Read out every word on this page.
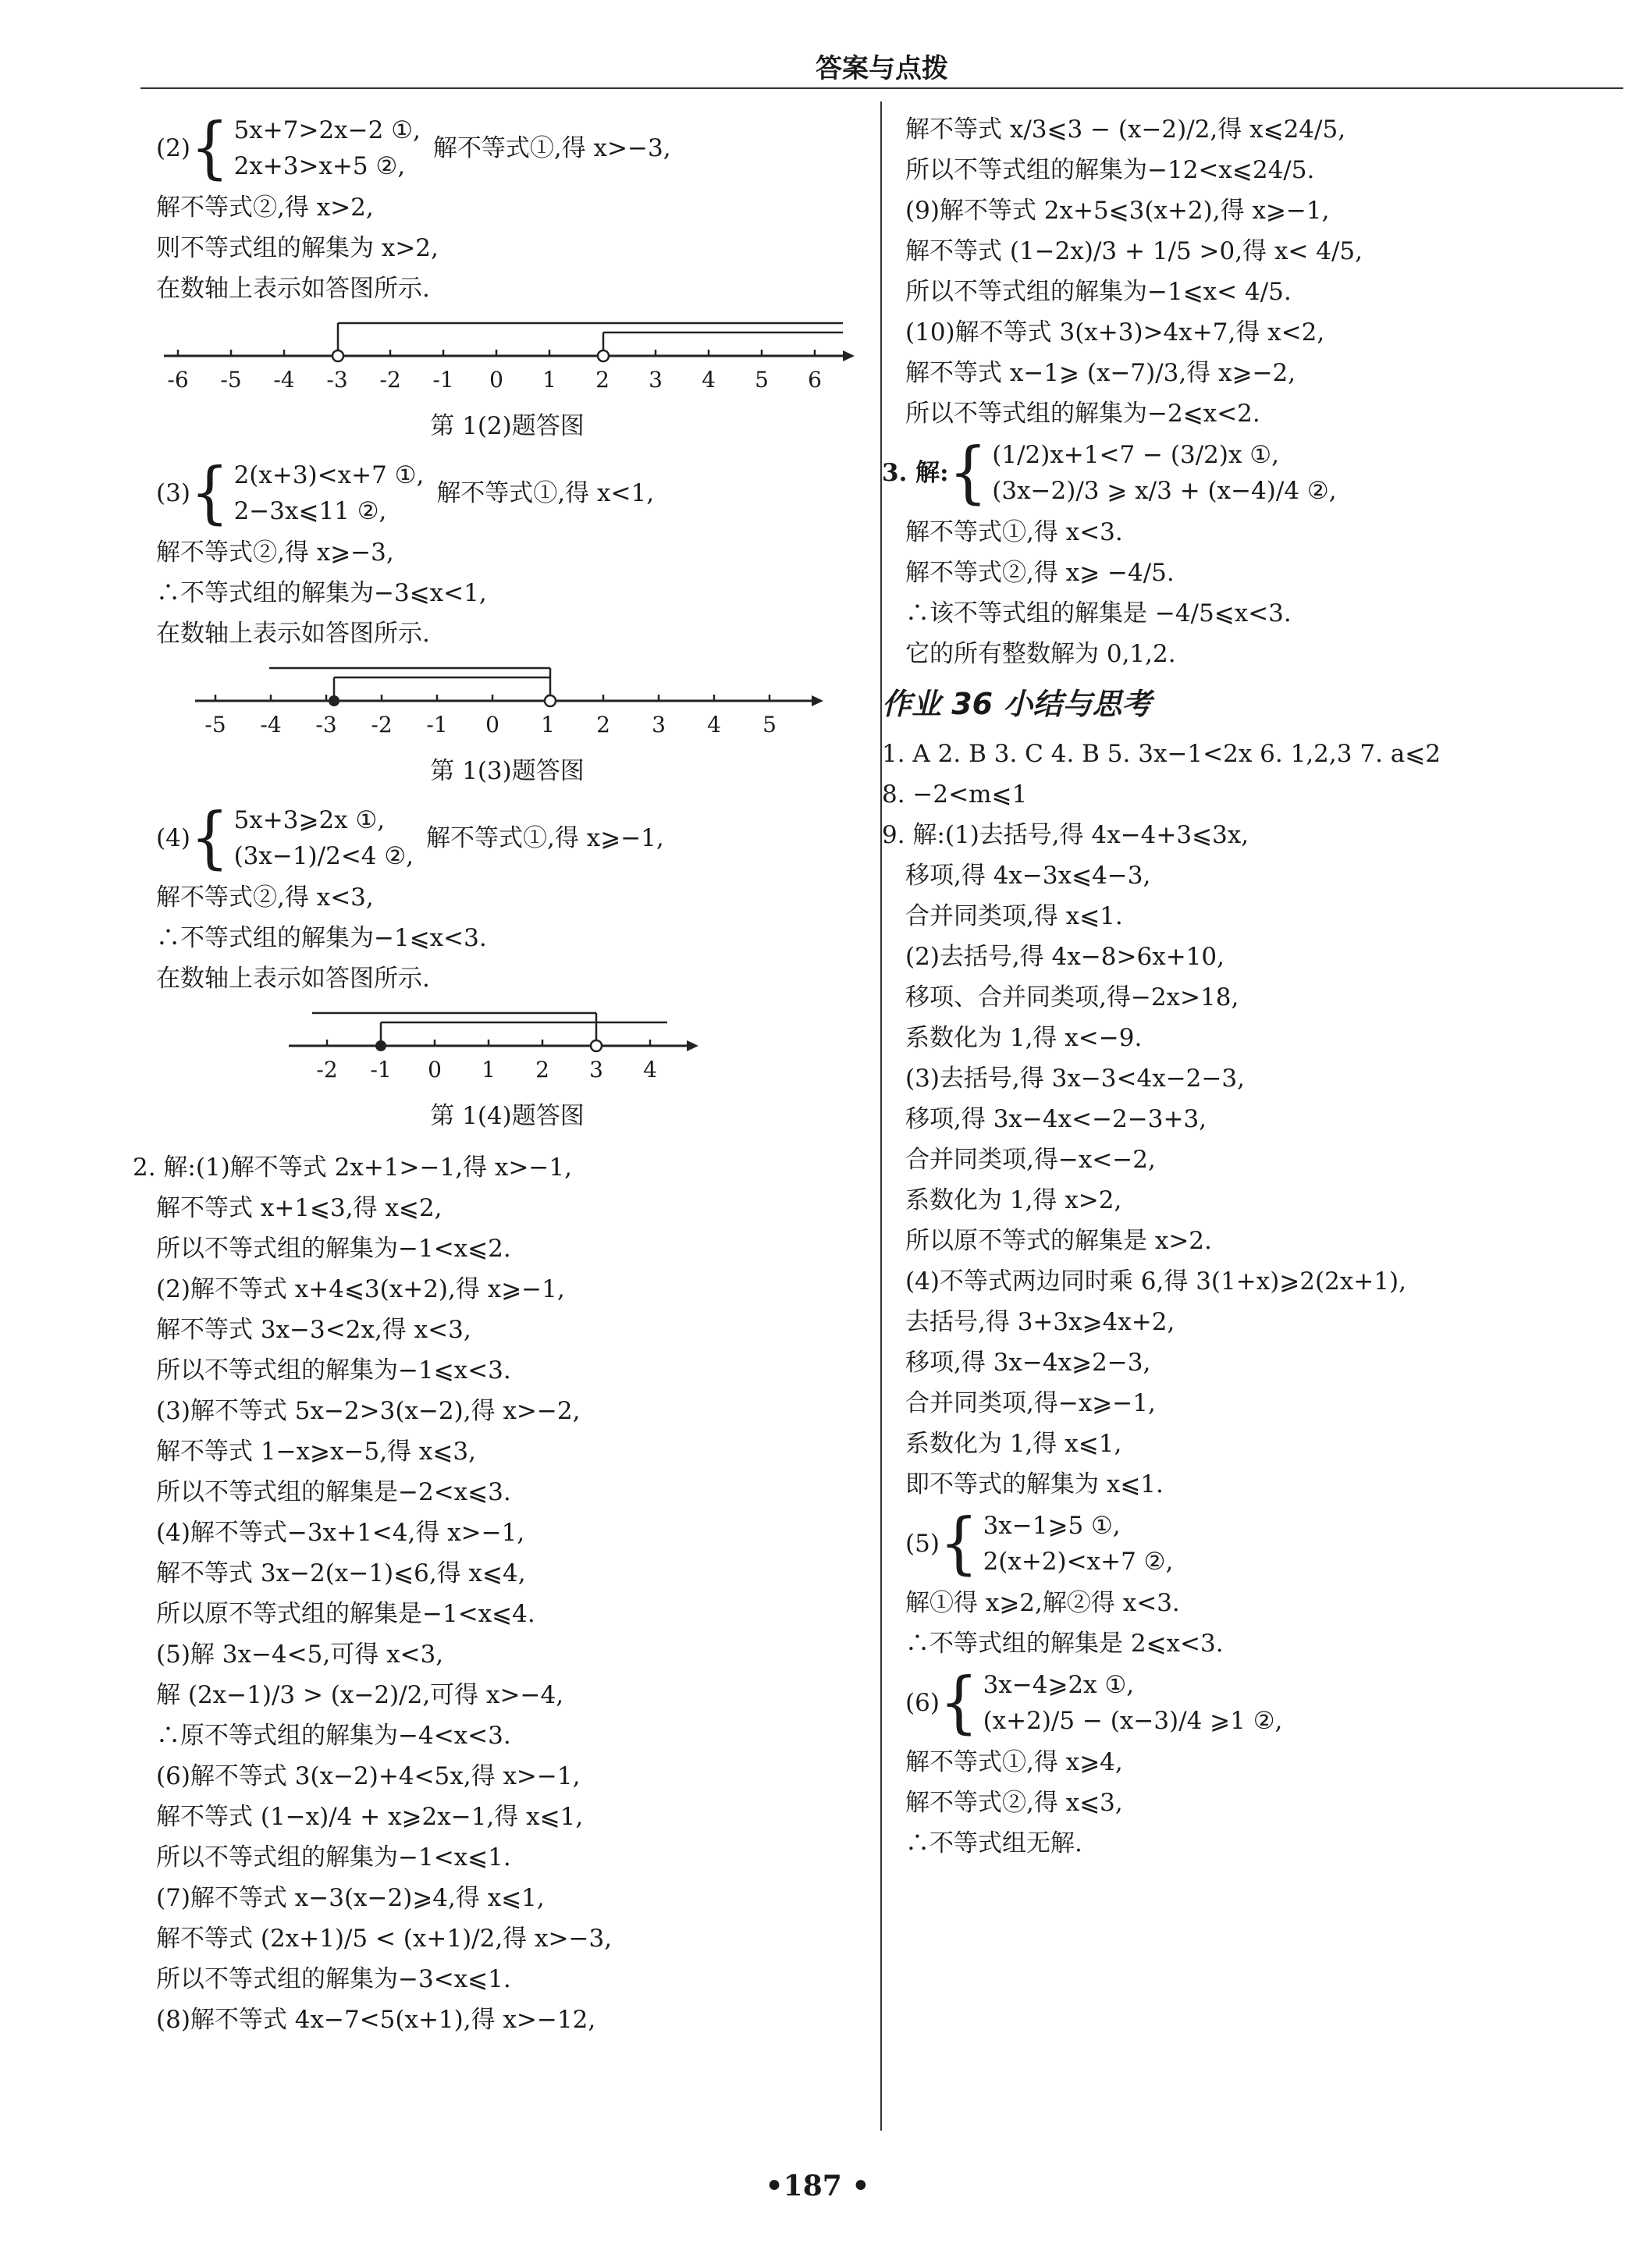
答案与点拨
(2) { 5x+7>2x−2 ①,
2x+3>x+5 ②,
解不等式①,得 x>−3,
解不等式②,得 x>2,
则不等式组的解集为 x>2,
在数轴上表示如答图所示.
-6 -5 -4 -3 -2 -1 0 1 2 3 4 5 6
第 1(2)题答图
(3) { 2(x+3)<x+7 ①,
2−3x⩽11 ②,
解不等式①,得 x<1,
解不等式②,得 x⩾−3,
∴不等式组的解集为−3⩽x<1,
在数轴上表示如答图所示.
-5 -4 -3 -2 -1 0 1 2 3 4 5
第 1(3)题答图
(4) { 5x+3⩾2x ①,
(3x−1)/2<4 ②,
解不等式①,得 x⩾−1,
解不等式②,得 x<3,
∴不等式组的解集为−1⩽x<3.
在数轴上表示如答图所示.
-2 -1 0 1 2 3 4
第 1(4)题答图
2. 解:(1)解不等式 2x+1>−1,得 x>−1,
解不等式 x+1⩽3,得 x⩽2,
所以不等式组的解集为−1<x⩽2.
(2)解不等式 x+4⩽3(x+2),得 x⩾−1,
解不等式 3x−3<2x,得 x<3,
所以不等式组的解集为−1⩽x<3.
(3)解不等式 5x−2>3(x−2),得 x>−2,
解不等式 1−x⩾x−5,得 x⩽3,
所以不等式组的解集是−2<x⩽3.
(4)解不等式−3x+1<4,得 x>−1,
解不等式 3x−2(x−1)⩽6,得 x⩽4,
所以原不等式组的解集是−1<x⩽4.
(5)解 3x−4<5,可得 x<3,
解 (2x−1)/3 > (x−2)/2,可得 x>−4,
∴原不等式组的解集为−4<x<3.
(6)解不等式 3(x−2)+4<5x,得 x>−1,
解不等式 (1−x)/4 + x⩾2x−1,得 x⩽1,
所以不等式组的解集为−1<x⩽1.
(7)解不等式 x−3(x−2)⩾4,得 x⩽1,
解不等式 (2x+1)/5 < (x+1)/2,得 x>−3,
所以不等式组的解集为−3<x⩽1.
(8)解不等式 4x−7<5(x+1),得 x>−12,
解不等式 x/3⩽3 − (x−2)/2,得 x⩽24/5,
所以不等式组的解集为−12<x⩽24/5.
(9)解不等式 2x+5⩽3(x+2),得 x⩾−1,
解不等式 (1−2x)/3 + 1/5 >0,得 x< 4/5,
所以不等式组的解集为−1⩽x< 4/5.
(10)解不等式 3(x+3)>4x+7,得 x<2,
解不等式 x−1⩾ (x−7)/3,得 x⩾−2,
所以不等式组的解集为−2⩽x<2.
3. 解: { (1/2)x+1<7 − (3/2)x ①,
(3x−2)/3 ⩾ x/3 + (x−4)/4 ②,
解不等式①,得 x<3.
解不等式②,得 x⩾ −4/5.
∴该不等式组的解集是 −4/5⩽x<3.
它的所有整数解为 0,1,2.
作业 36 小结与思考
1. A 2. B 3. C 4. B 5. 3x−1<2x 6. 1,2,3 7. a⩽2
8. −2<m⩽1
9. 解:(1)去括号,得 4x−4+3⩽3x,
移项,得 4x−3x⩽4−3,
合并同类项,得 x⩽1.
(2)去括号,得 4x−8>6x+10,
移项、合并同类项,得−2x>18,
系数化为 1,得 x<−9.
(3)去括号,得 3x−3<4x−2−3,
移项,得 3x−4x<−2−3+3,
合并同类项,得−x<−2,
系数化为 1,得 x>2,
所以原不等式的解集是 x>2.
(4)不等式两边同时乘 6,得 3(1+x)⩾2(2x+1),
去括号,得 3+3x⩾4x+2,
移项,得 3x−4x⩾2−3,
合并同类项,得−x⩾−1,
系数化为 1,得 x⩽1,
即不等式的解集为 x⩽1.
(5) { 3x−1⩾5 ①,
2(x+2)<x+7 ②,
解①得 x⩾2,解②得 x<3.
∴不等式组的解集是 2⩽x<3.
(6) { 3x−4⩾2x ①,
(x+2)/5 − (x−3)/4 ⩾1 ②,
解不等式①,得 x⩾4,
解不等式②,得 x⩽3,
∴不等式组无解.
•187 •
